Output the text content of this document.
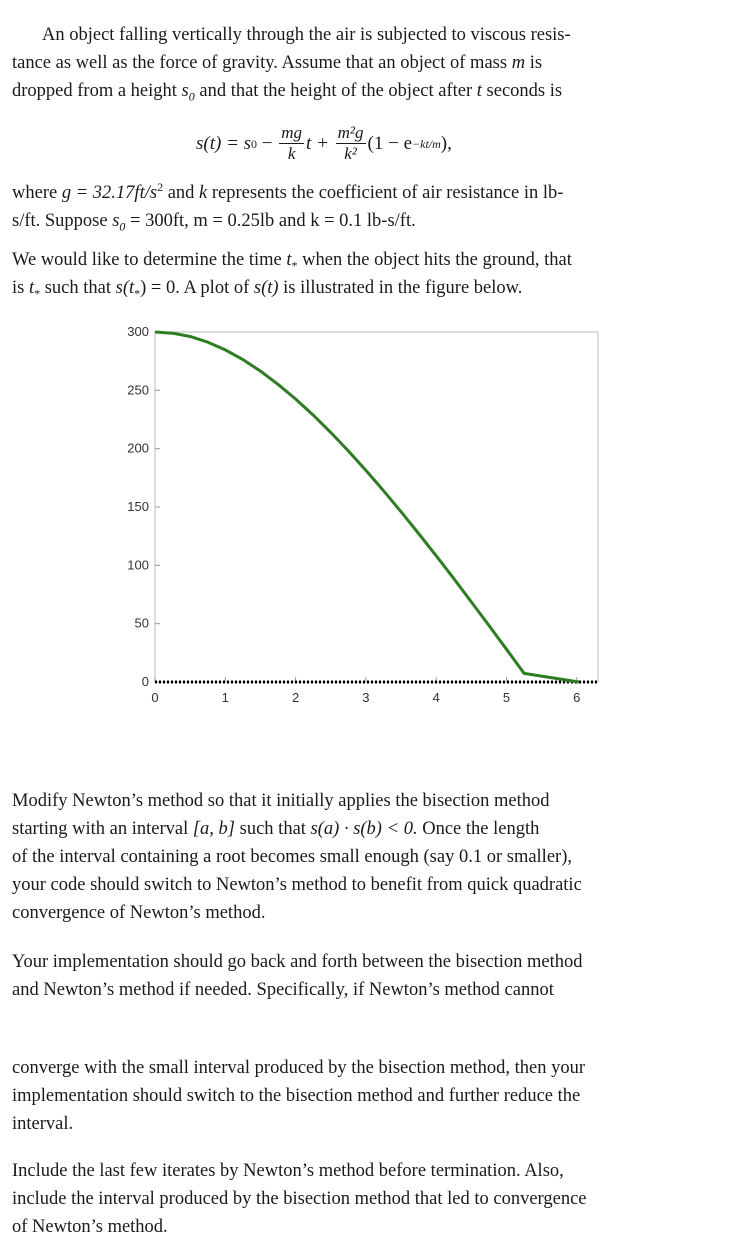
An object falling vertically through the air is subjected to viscous resis-
tance as well as the force of gravity. Assume that an object of mass m is
dropped from a height $s_0$ and that the height of the object after t seconds is
s(t) = s $0 - \frac{mg}{k}$ $t + \frac{\text{m²g}}{\text{k²}} (1 - e -kt/m$ ),
where $g = 32.17ft/s^2$ and k represents the coefficient of air resistance in lb-
s/ft. Suppose $s_0 = 300ft$, m = 0.25lb and k = 0.1 lb-s/ft.
We would like to determine the time $t_*$ when the object hits the ground, that
is $t_*$ such that $s(t_*) = 0$. A plot of s(t) is illustrated in the figure below.
0
50
100
150
200
250
300
0	1	2	3	4	5	6
Modify Newton’s method so that it initially applies the bisection method
starting with an interval [a, b] such that s(a) · s(b) < 0. Once the length
of the interval containing a root becomes small enough (say 0.1 or smaller),
your code should switch to Newton’s method to benefit from quick quadratic
convergence of Newton’s method.
Your implementation should go back and forth between the bisection method
and Newton’s method if needed. Specifically, if Newton’s method cannot
converge with the small interval produced by the bisection method, then your
implementation should switch to the bisection method and further reduce the
interval.
Include the last few iterates by Newton’s method before termination. Also,
include the interval produced by the bisection method that led to convergence
of Newton’s method.
